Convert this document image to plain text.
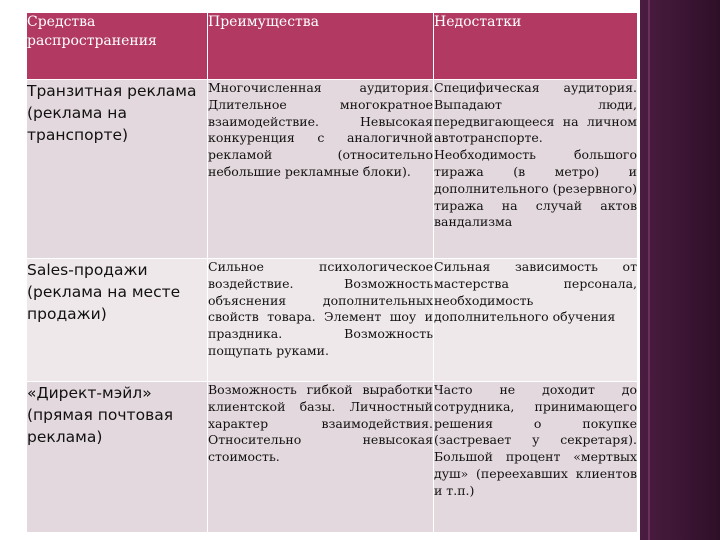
Средства распространения	Преимущества	Недостатки
Транзитная реклама (реклама на транспорте)	Многочисленная аудитория. Длительное многократное взаимодействие. Невысокая конкуренция с аналогичной рекламой (относительно небольшие рекламные блоки).	Специфическая аудитория. Выпадают люди, передвигающееся на личном автотранспорте. Необходимость большого тиража (в метро) и дополнительного (резервного) тиража на случай актов вандализма
Sales-продажи (реклама на месте продажи)	Сильное психологическое воздействие. Возможность объяснения дополнительных свойств товара. Элемент шоу и праздника. Возможность пощупать руками.	Сильная зависимость от мастерства персонала, необходимость дополнительного обучения
«Директ-мэйл» (прямая почтовая реклама)	Возможность гибкой выработки клиентской базы. Личностный характер взаимодействия. Относительно невысокая стоимость.	Часто не доходит до сотрудника, принимающего решения о покупке (застревает у секретаря). Большой процент «мертвых душ» (переехавших клиентов и т.п.)
